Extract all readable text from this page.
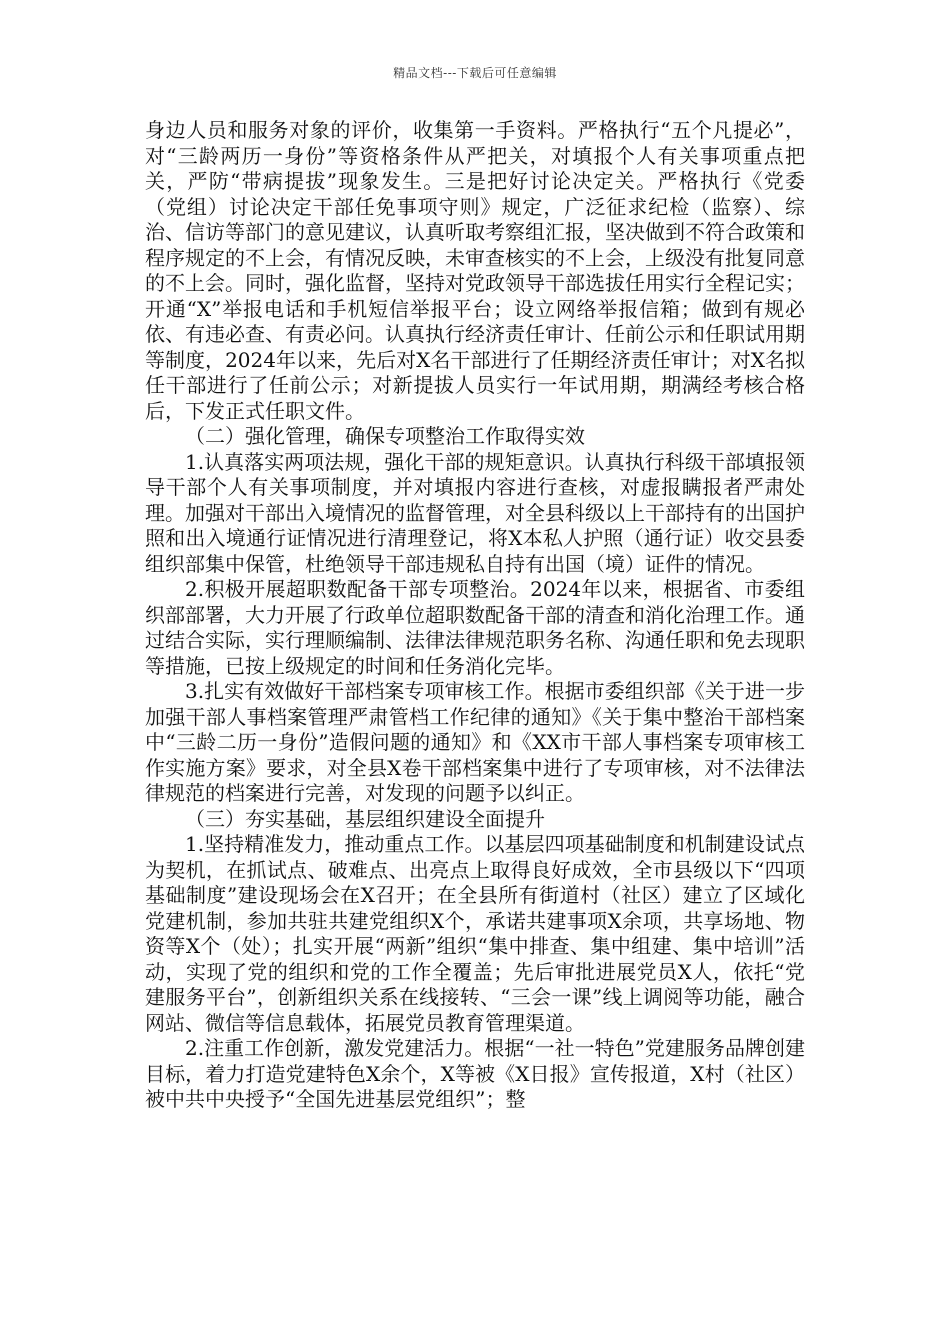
精品文档---下载后可任意编辑

身边人员和服务对象的评价，收集第一手资料。严格执行“五个凡提必”，对“三龄两历一身份”等资格条件从严把关，对填报个人有关事项重点把关，严防“带病提拔”现象发生。三是把好讨论决定关。严格执行《党委（党组）讨论决定干部任免事项守则》规定，广泛征求纪检（监察）、综治、信访等部门的意见建议，认真听取考察组汇报，坚决做到不符合政策和程序规定的不上会，有情况反映，未审查核实的不上会，上级没有批复同意的不上会。同时，强化监督，坚持对党政领导干部选拔任用实行全程记实；开通“X”举报电话和手机短信举报平台；设立网络举报信箱；做到有规必依、有违必查、有责必问。认真执行经济责任审计、任前公示和任职试用期等制度，2024年以来，先后对X名干部进行了任期经济责任审计；对X名拟任干部进行了任前公示；对新提拔人员实行一年试用期，期满经考核合格后，下发正式任职文件。

（二）强化管理，确保专项整治工作取得实效

1.认真落实两项法规，强化干部的规矩意识。认真执行科级干部填报领导干部个人有关事项制度，并对填报内容进行查核，对虚报瞒报者严肃处理。加强对干部出入境情况的监督管理，对全县科级以上干部持有的出国护照和出入境通行证情况进行清理登记，将X本私人护照（通行证）收交县委组织部集中保管，杜绝领导干部违规私自持有出国（境）证件的情况。

2.积极开展超职数配备干部专项整治。2024年以来，根据省、市委组织部部署，大力开展了行政单位超职数配备干部的清查和消化治理工作。通过结合实际，实行理顺编制、法律法律规范职务名称、沟通任职和免去现职等措施，已按上级规定的时间和任务消化完毕。

3.扎实有效做好干部档案专项审核工作。根据市委组织部《关于进一步加强干部人事档案管理严肃管档工作纪律的通知》《关于集中整治干部档案中“三龄二历一身份”造假问题的通知》和《XX市干部人事档案专项审核工作实施方案》要求，对全县X卷干部档案集中进行了专项审核，对不法律法律规范的档案进行完善，对发现的问题予以纠正。

（三）夯实基础，基层组织建设全面提升

1.坚持精准发力，推动重点工作。以基层四项基础制度和机制建设试点为契机，在抓试点、破难点、出亮点上取得良好成效，全市县级以下“四项基础制度”建设现场会在X召开；在全县所有街道村（社区）建立了区域化党建机制，参加共驻共建党组织X个，承诺共建事项X余项，共享场地、物资等X个（处）；扎实开展“两新”组织“集中排查、集中组建、集中培训”活动，实现了党的组织和党的工作全覆盖；先后审批进展党员X人，依托“党建服务平台”，创新组织关系在线接转、“三会一课”线上调阅等功能，融合网站、微信等信息载体，拓展党员教育管理渠道。

2.注重工作创新，激发党建活力。根据“一社一特色”党建服务品牌创建目标，着力打造党建特色X余个，X等被《X日报》宣传报道，X村（社区）被中共中央授予“全国先进基层党组织”；整
